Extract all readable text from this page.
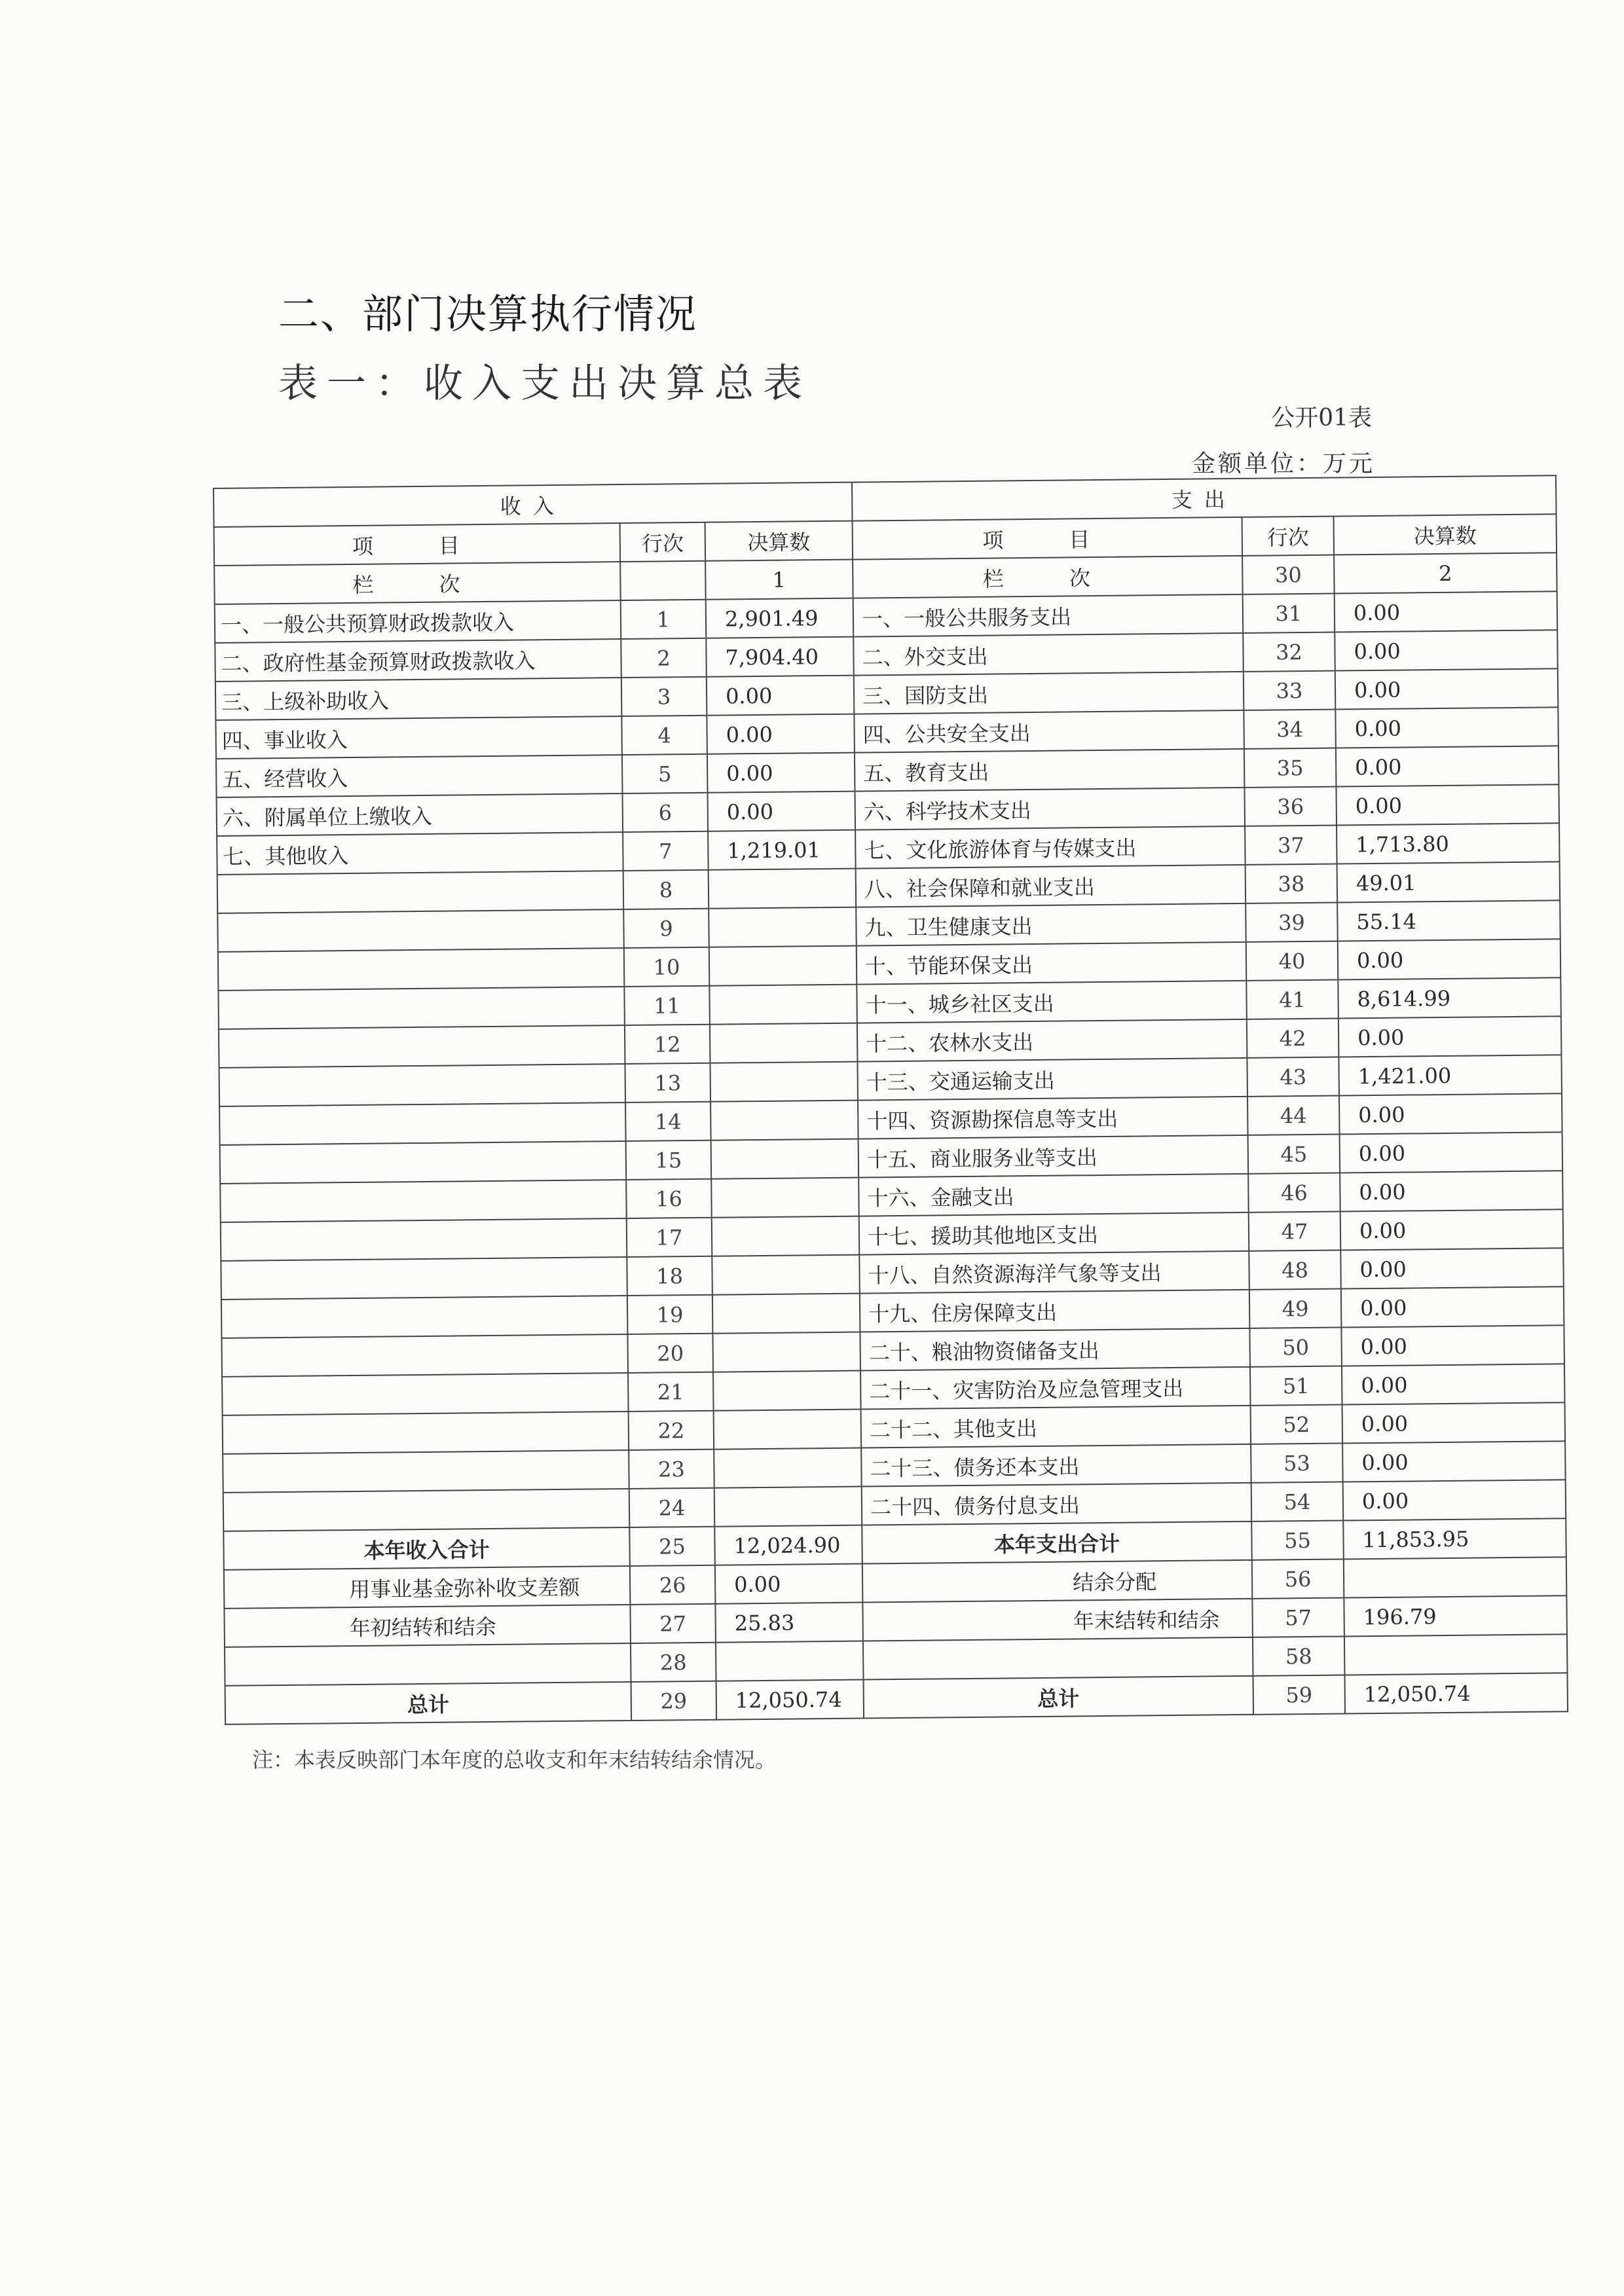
二、部门决算执行情况
表一：收入支出决算总表
公开01表
金额单位：万元
收入			支出		
项　目	行次	决算数	项　目	行次	决算数
栏　次		1	栏　次	30	2
一、一般公共预算财政拨款收入	1	2,901.49	一、一般公共服务支出	31	0.00
二、政府性基金预算财政拨款收入	2	7,904.40	二、外交支出	32	0.00
三、上级补助收入	3	0.00	三、国防支出	33	0.00
四、事业收入	4	0.00	四、公共安全支出	34	0.00
五、经营收入	5	0.00	五、教育支出	35	0.00
六、附属单位上缴收入	6	0.00	六、科学技术支出	36	0.00
七、其他收入	7	1,219.01	七、文化旅游体育与传媒支出	37	1,713.80
	8		八、社会保障和就业支出	38	49.01
	9		九、卫生健康支出	39	55.14
	10		十、节能环保支出	40	0.00
	11		十一、城乡社区支出	41	8,614.99
	12		十二、农林水支出	42	0.00
	13		十三、交通运输支出	43	1,421.00
	14		十四、资源勘探信息等支出	44	0.00
	15		十五、商业服务业等支出	45	0.00
	16		十六、金融支出	46	0.00
	17		十七、援助其他地区支出	47	0.00
	18		十八、自然资源海洋气象等支出	48	0.00
	19		十九、住房保障支出	49	0.00
	20		二十、粮油物资储备支出	50	0.00
	21		二十一、灾害防治及应急管理支出	51	0.00
	22		二十二、其他支出	52	0.00
	23		二十三、债务还本支出	53	0.00
	24		二十四、债务付息支出	54	0.00
本年收入合计	25	12,024.90	本年支出合计	55	11,853.95
用事业基金弥补收支差额	26	0.00	结余分配	56	
年初结转和结余	27	25.83	年末结转和结余	57	196.79
	28			58	
总计	29	12,050.74	总计	59	12,050.74
注：本表反映部门本年度的总收支和年末结转结余情况。
